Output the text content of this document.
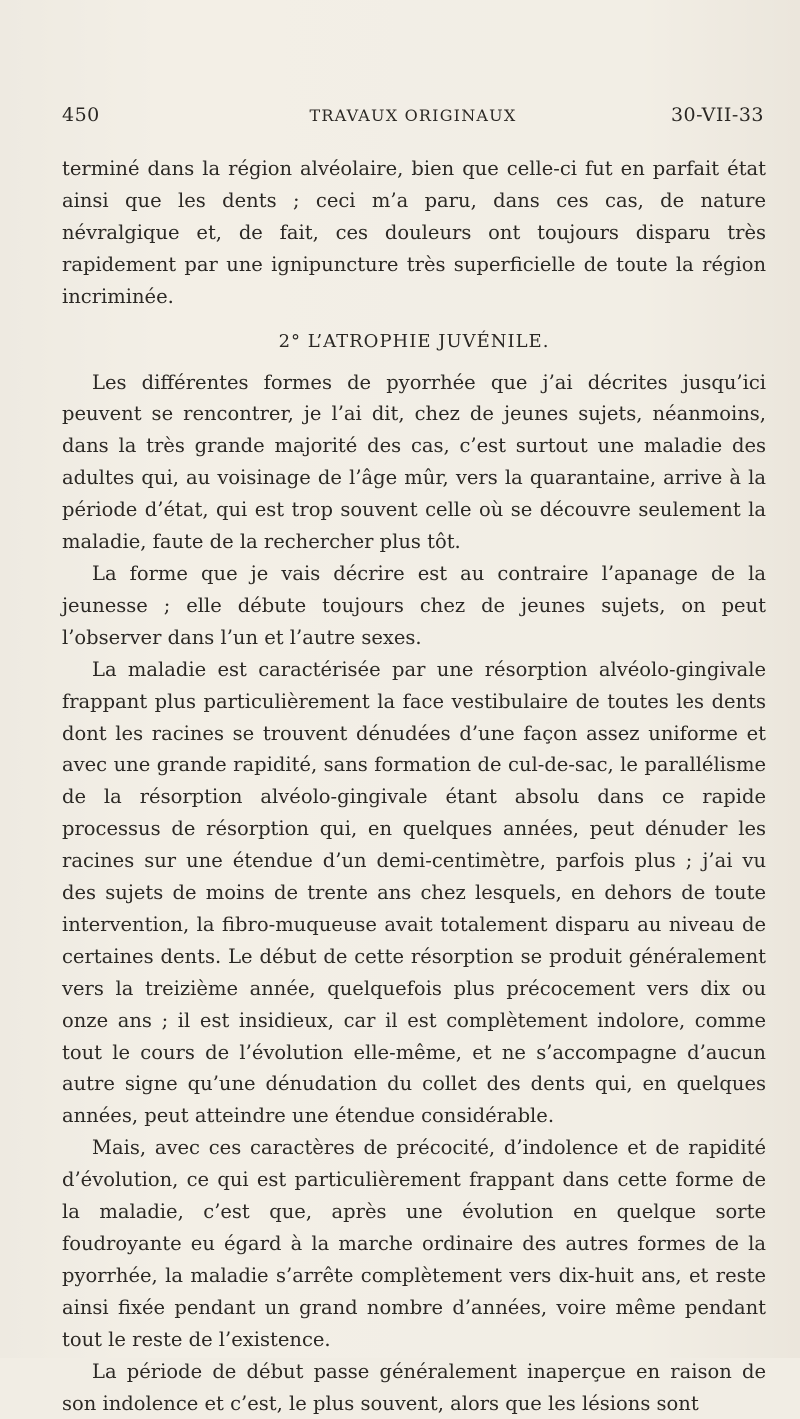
450	TRAVAUX ORIGINAUX	30-VII-33

terminé dans la région alvéolaire, bien que celle-ci fut en parfait état ainsi que les dents ; ceci m’a paru, dans ces cas, de nature névralgique et, de fait, ces douleurs ont toujours disparu très rapidement par une ignipuncture très superficielle de toute la région incriminée.

2° L’ATROPHIE JUVÉNILE.

Les différentes formes de pyorrhée que j’ai décrites jusqu’ici peuvent se rencontrer, je l’ai dit, chez de jeunes sujets, néanmoins, dans la très grande majorité des cas, c’est surtout une maladie des adultes qui, au voisinage de l’âge mûr, vers la quarantaine, arrive à la période d’état, qui est trop souvent celle où se découvre seulement la maladie, faute de la rechercher plus tôt.

La forme que je vais décrire est au contraire l’apanage de la jeunesse ; elle débute toujours chez de jeunes sujets, on peut l’observer dans l’un et l’autre sexes.

La maladie est caractérisée par une résorption alvéolo-gingivale frappant plus particulièrement la face vestibulaire de toutes les dents dont les racines se trouvent dénudées d’une façon assez uniforme et avec une grande rapidité, sans formation de cul-de-sac, le parallélisme de la résorption alvéolo-gingivale étant absolu dans ce rapide processus de résorption qui, en quelques années, peut dénuder les racines sur une étendue d’un demi-centimètre, parfois plus ; j’ai vu des sujets de moins de trente ans chez lesquels, en dehors de toute intervention, la fibro-muqueuse avait totalement disparu au niveau de certaines dents. Le début de cette résorption se produit généralement vers la treizième année, quelquefois plus précocement vers dix ou onze ans ; il est insidieux, car il est complètement indolore, comme tout le cours de l’évolution elle-même, et ne s’accompagne d’aucun autre signe qu’une dénudation du collet des dents qui, en quelques années, peut atteindre une étendue considérable.

Mais, avec ces caractères de précocité, d’indolence et de rapidité d’évolution, ce qui est particulièrement frappant dans cette forme de la maladie, c’est que, après une évolution en quelque sorte foudroyante eu égard à la marche ordinaire des autres formes de la pyorrhée, la maladie s’arrête complètement vers dix-huit ans, et reste ainsi fixée pendant un grand nombre d’années, voire même pendant tout le reste de l’existence.

La période de début passe généralement inaperçue en raison de son indolence et c’est, le plus souvent, alors que les lésions sont
